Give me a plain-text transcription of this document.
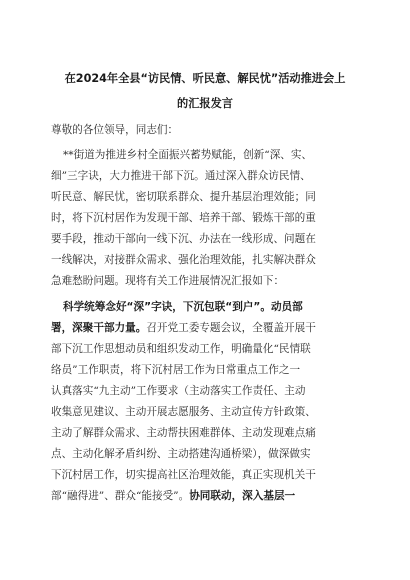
在2024年全县“访民情、听民意、解民忧”活动推进会上
的汇报发言
尊敬的各位领导，同志们：
**街道为推进乡村全面振兴蓄势赋能，创新“深、实、
细”三字诀，大力推进干部下沉。通过深入群众访民情、
听民意、解民忧，密切联系群众、提升基层治理效能；同
时，将下沉村居作为发现干部、培养干部、锻炼干部的重
要手段，推动干部向一线下沉、办法在一线形成、问题在
一线解决，对接群众需求、强化治理效能，扎实解决群众
急难愁盼问题。现将有关工作进展情况汇报如下：
科学统筹念好“深”字诀，下沉包联“到户”。动员部
署，深聚干部力量。召开党工委专题会议，全覆盖开展干
部下沉工作思想动员和组织发动工作，明确量化“民情联
络员”工作职责，将下沉村居工作为日常重点工作之一
认真落实“九主动”工作要求（主动落实工作责任、主动
收集意见建议、主动开展志愿服务、主动宣传方针政策、
主动了解群众需求、主动帮扶困难群体、主动发现难点痛
点、主动化解矛盾纠纷、主动搭建沟通桥梁），做深做实
下沉村居工作，切实提高社区治理效能，真正实现机关干
部“融得进”、群众“能接受”。协同联动，深入基层一
